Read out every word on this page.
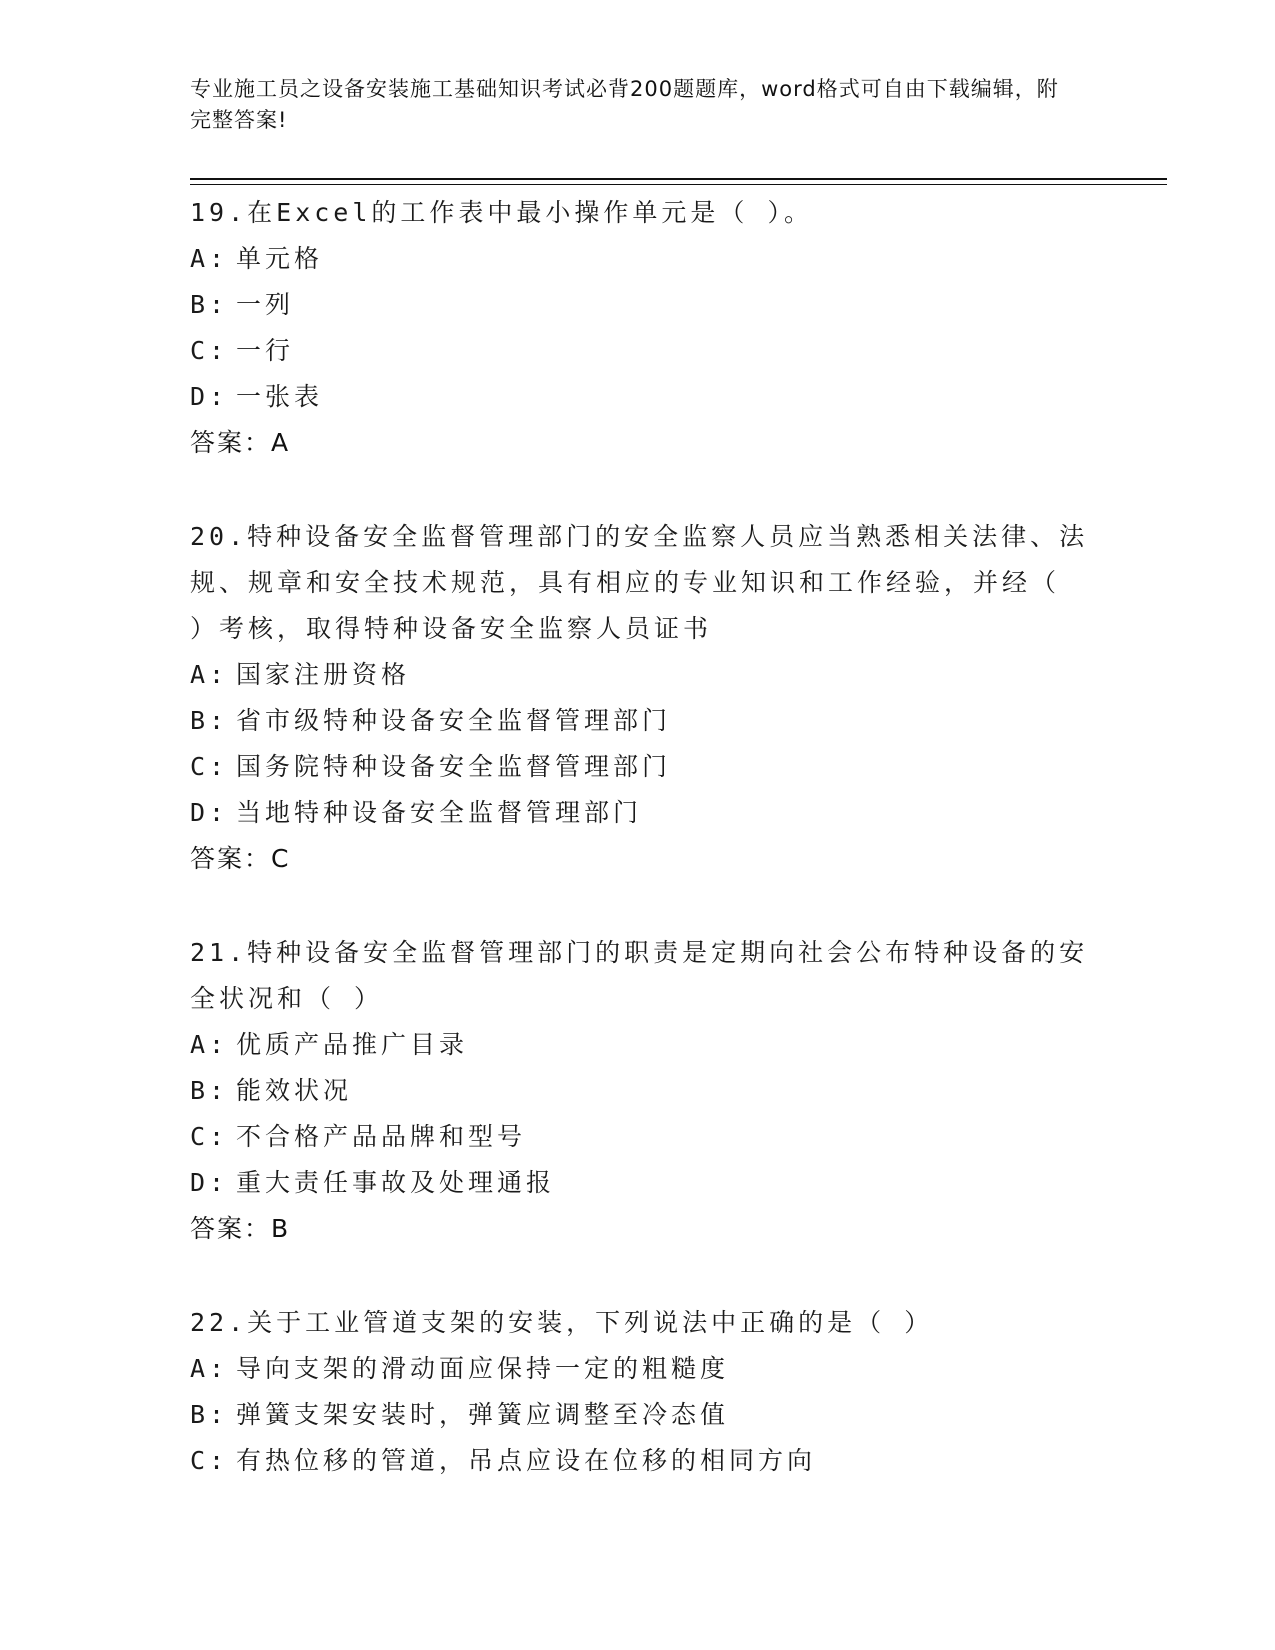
专业施工员之设备安装施工基础知识考试必背200题题库，word格式可自由下载编辑，附完整答案!
19.在Excel的工作表中最小操作单元是（ ）。
A: 单元格
B: 一列
C: 一行
D: 一张表
答案：A
20.特种设备安全监督管理部门的安全监察人员应当熟悉相关法律、法规、规章和安全技术规范，具有相应的专业知识和工作经验，并经（ ）考核，取得特种设备安全监察人员证书
A: 国家注册资格
B: 省市级特种设备安全监督管理部门
C: 国务院特种设备安全监督管理部门
D: 当地特种设备安全监督管理部门
答案：C
21.特种设备安全监督管理部门的职责是定期向社会公布特种设备的安全状况和（ ）
A: 优质产品推广目录
B: 能效状况
C: 不合格产品品牌和型号
D: 重大责任事故及处理通报
答案：B
22.关于工业管道支架的安装，下列说法中正确的是（ ）
A: 导向支架的滑动面应保持一定的粗糙度
B: 弹簧支架安装时，弹簧应调整至冷态值
C: 有热位移的管道，吊点应设在位移的相同方向
